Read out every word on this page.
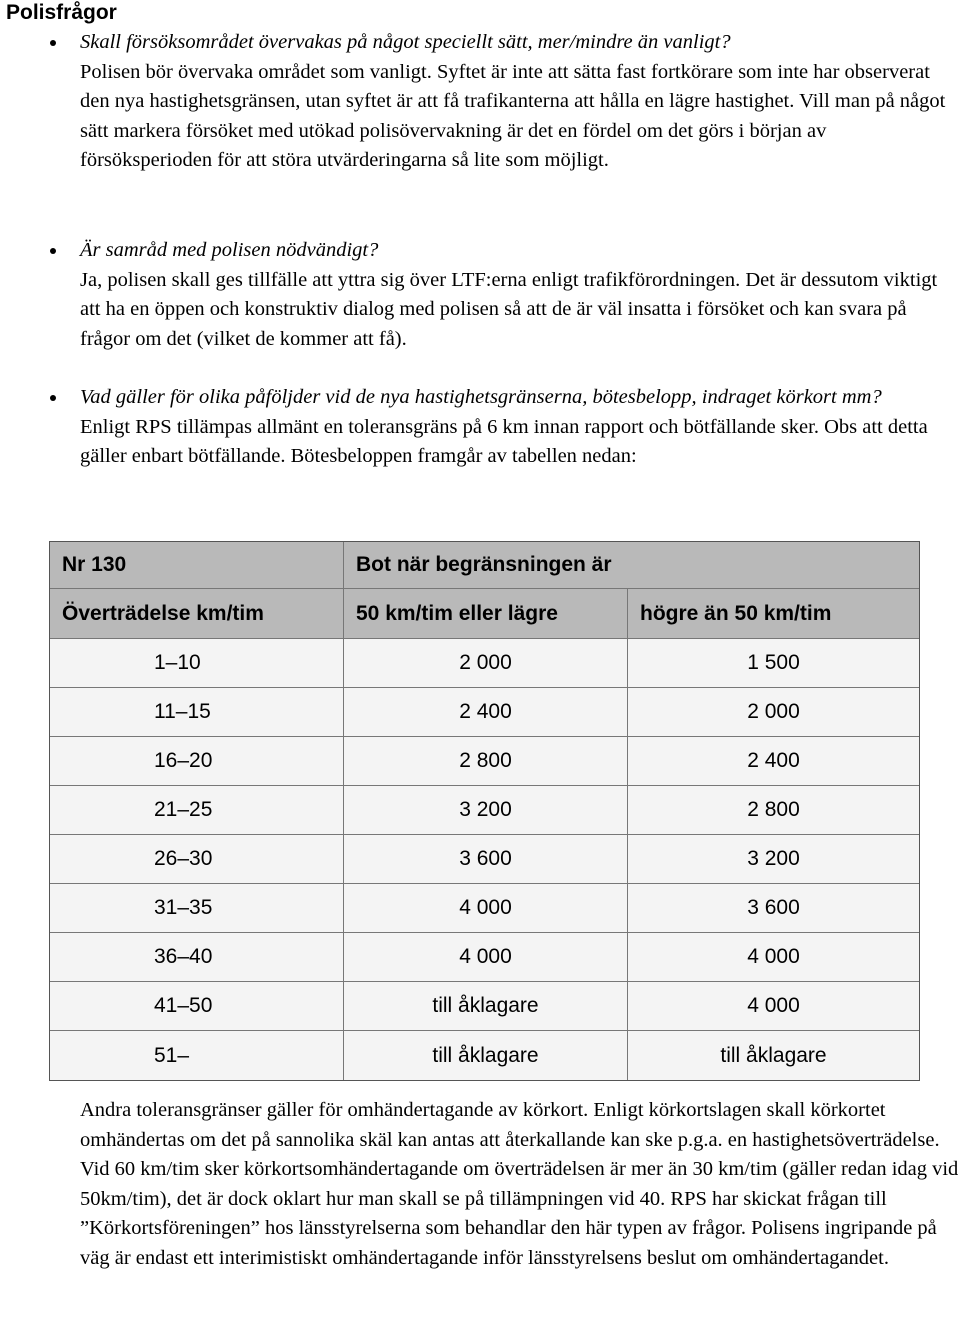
Polisfrågor

Skall försöksområdet övervakas på något speciellt sätt, mer/mindre än vanligt?

Polisen bör övervaka området som vanligt. Syftet är inte att sätta fast fortkörare som inte har observerat den nya hastighetsgränsen, utan syftet är att få trafikanterna att hålla en lägre hastighet. Vill man på något sätt markera försöket med utökad polisövervakning är det en fördel om det görs i början av försöksperioden för att störa utvärderingarna så lite som möjligt.

Är samråd med polisen nödvändigt?

Ja, polisen skall ges tillfälle att yttra sig över LTF:erna enligt trafikförordningen. Det är dessutom viktigt att ha en öppen och konstruktiv dialog med polisen så att de är väl insatta i försöket och kan svara på frågor om det (vilket de kommer att få).

Vad gäller för olika påföljder vid de nya hastighetsgränserna, bötesbelopp, indraget körkort mm?

Enligt RPS tillämpas allmänt en toleransgräns på 6 km innan rapport och bötfällande sker. Obs att detta gäller enbart bötfällande. Bötesbeloppen framgår av tabellen nedan:

Nr 130	Bot när begränsningen är
Överträdelse km/tim	50 km/tim eller lägre	högre än 50 km/tim
1–10	2 000	1 500
11–15	2 400	2 000
16–20	2 800	2 400
21–25	3 200	2 800
26–30	3 600	3 200
31–35	4 000	3 600
36–40	4 000	4 000
41–50	till åklagare	4 000
51–	till åklagare	till åklagare

Andra toleransgränser gäller för omhändertagande av körkort. Enligt körkortslagen skall körkortet omhändertas om det på sannolika skäl kan antas att återkallande kan ske p.g.a. en hastighetsöverträdelse. Vid 60 km/tim sker körkortsomhändertagande om överträdelsen är mer än 30 km/tim (gäller redan idag vid 50km/tim), det är dock oklart hur man skall se på tillämpningen vid 40. RPS har skickat frågan till ”Körkortsföreningen” hos länsstyrelserna som behandlar den här typen av frågor. Polisens ingripande på väg är endast ett interimistiskt omhändertagande inför länsstyrelsens beslut om omhändertagandet.
